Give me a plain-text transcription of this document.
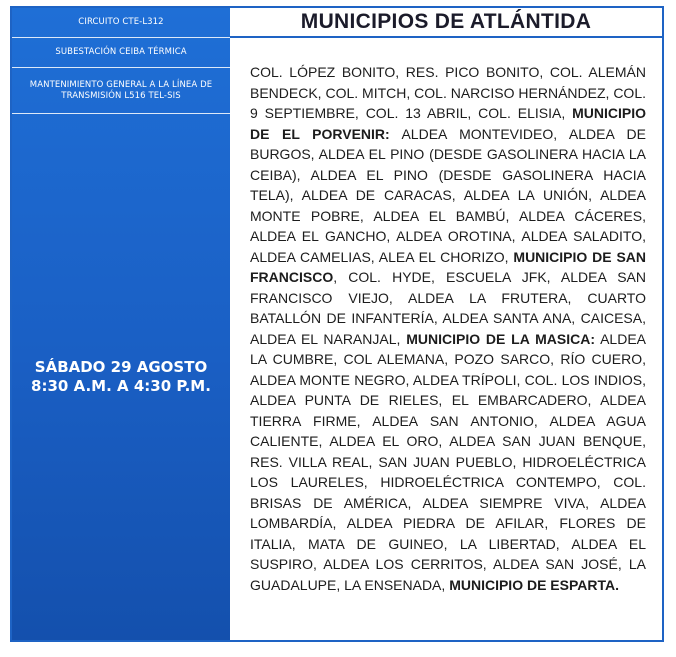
CIRCUITO CTE-L312
SUBESTACIÓN CEIBA TÉRMICA
MANTENIMIENTO GENERAL A LA LÍNEA DE TRANSMISIÓN L516 TEL-SIS
SÁBADO 29 AGOSTO
8:30 A.M. A 4:30 P.M.
MUNICIPIOS DE ATLÁNTIDA
COL. LÓPEZ BONITO, RES. PICO BONITO, COL. ALEMÁN BENDECK, COL. MITCH, COL. NARCISO HERNÁNDEZ, COL. 9 SEPTIEMBRE, COL. 13 ABRIL, COL. ELISIA, MUNICIPIO DE EL PORVENIR: ALDEA MONTEVIDEO, ALDEA DE BURGOS, ALDEA EL PINO (DESDE GASOLINERA HACIA LA CEIBA), ALDEA EL PINO (DESDE GASOLINERA HACIA TELA), ALDEA DE CARACAS, ALDEA LA UNIÓN, ALDEA MONTE POBRE, ALDEA EL BAMBÚ, ALDEA CÁCERES, ALDEA EL GANCHO, ALDEA OROTINA, ALDEA SALADITO, ALDEA CAMELIAS, ALEA EL CHORIZO, MUNICIPIO DE SAN FRANCISCO, COL. HYDE, ESCUELA JFK, ALDEA SAN FRANCISCO VIEJO, ALDEA LA FRUTERA, CUARTO BATALLÓN DE INFANTERÍA, ALDEA SANTA ANA, CAICESA, ALDEA EL NARANJAL, MUNICIPIO DE LA MASICA: ALDEA LA CUMBRE, COL ALEMANA, POZO SARCO, RÍO CUERO, ALDEA MONTE NEGRO, ALDEA TRÍPOLI, COL. LOS INDIOS, ALDEA PUNTA DE RIELES, EL EMBARCADERO, ALDEA TIERRA FIRME, ALDEA SAN ANTONIO, ALDEA AGUA CALIENTE, ALDEA EL ORO, ALDEA SAN JUAN BENQUE, RES. VILLA REAL, SAN JUAN PUEBLO, HIDROELÉCTRICA LOS LAURELES, HIDROELÉCTRICA CONTEMPO, COL. BRISAS DE AMÉRICA, ALDEA SIEMPRE VIVA, ALDEA LOMBARDÍA, ALDEA PIEDRA DE AFILAR, FLORES DE ITALIA, MATA DE GUINEO, LA LIBERTAD, ALDEA EL SUSPIRO, ALDEA LOS CERRITOS, ALDEA SAN JOSÉ, LA GUADALUPE, LA ENSENADA, MUNICIPIO DE ESPARTA.
